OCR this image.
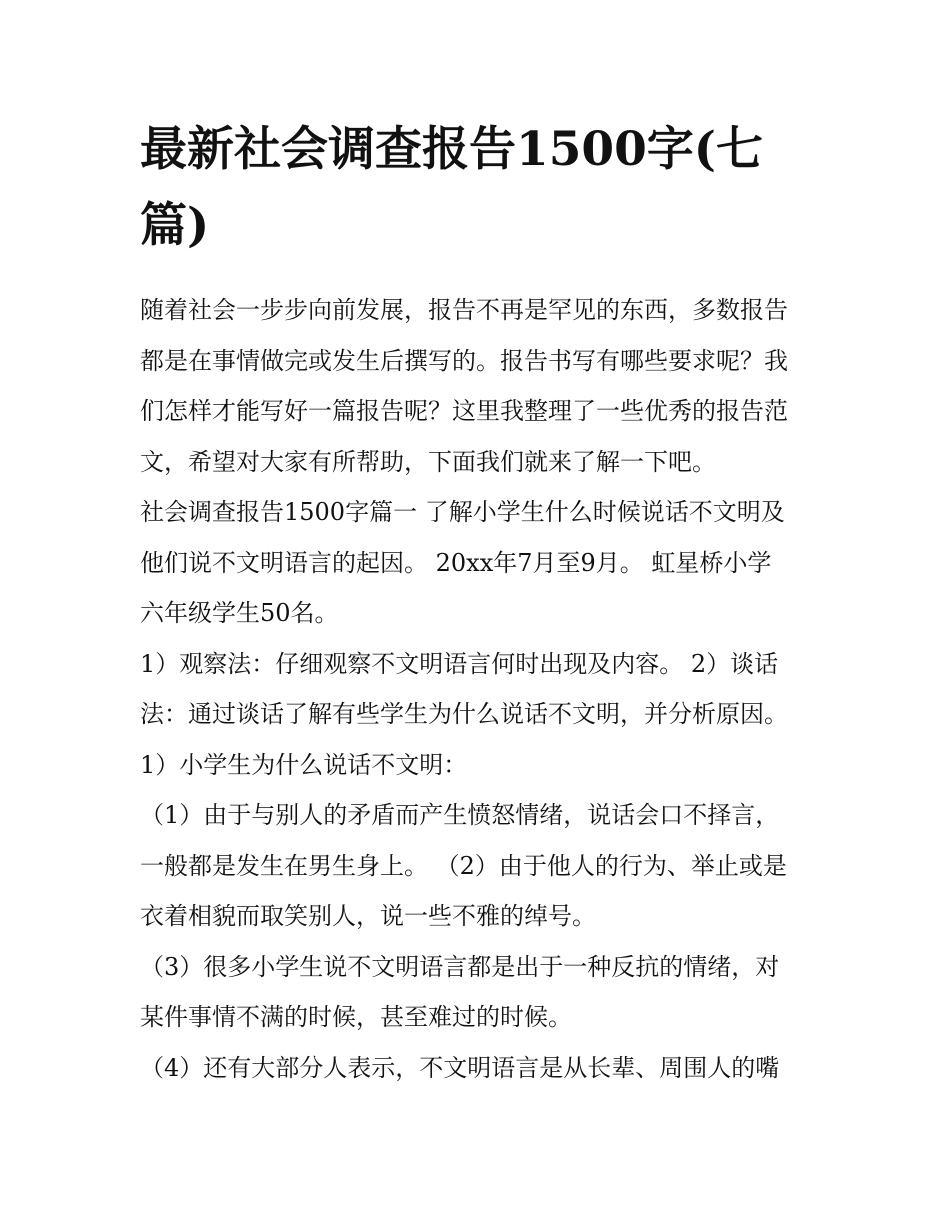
最新社会调查报告1500字(七
篇)

随着社会一步步向前发展，报告不再是罕见的东西，多数报告
都是在事情做完或发生后撰写的。报告书写有哪些要求呢？我
们怎样才能写好一篇报告呢？这里我整理了一些优秀的报告范
文，希望对大家有所帮助，下面我们就来了解一下吧。

社会调查报告1500字篇一 了解小学生什么时候说话不文明及
他们说不文明语言的起因。 20xx年7月至9月。 虹星桥小学
六年级学生50名。

1）观察法：仔细观察不文明语言何时出现及内容。 2）谈话
法：通过谈话了解有些学生为什么说话不文明，并分析原因。

1）小学生为什么说话不文明：

（1）由于与别人的矛盾而产生愤怒情绪，说话会口不择言，
一般都是发生在男生身上。 （2）由于他人的行为、举止或是
衣着相貌而取笑别人，说一些不雅的绰号。

（3）很多小学生说不文明语言都是出于一种反抗的情绪，对
某件事情不满的时候，甚至难过的时候。

（4）还有大部分人表示，不文明语言是从长辈、周围人的嘴
